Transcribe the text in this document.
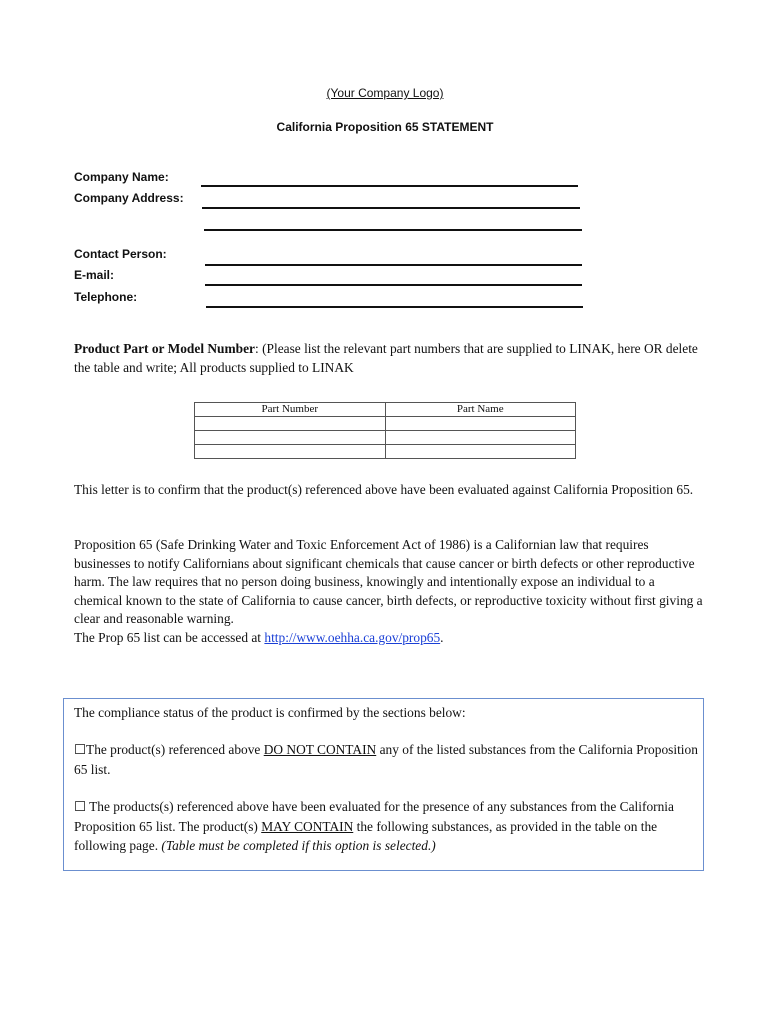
(Your Company Logo)
California Proposition 65 STATEMENT
Company Name:
Company Address:
Contact Person:
E-mail:
Telephone:
Product Part or Model Number: (Please list the relevant part numbers that are supplied to LINAK, here OR delete the table and write; All products supplied to LINAK
Part Number	Part Name

This letter is to confirm that the product(s) referenced above have been evaluated against California Proposition 65.
Proposition 65 (Safe Drinking Water and Toxic Enforcement Act of 1986) is a Californian law that requires businesses to notify Californians about significant chemicals that cause cancer or birth defects or other reproductive harm. The law requires that no person doing business, knowingly and intentionally expose an individual to a chemical known to the state of California to cause cancer, birth defects, or reproductive toxicity without first giving a clear and reasonable warning.
The Prop 65 list can be accessed at http://www.oehha.ca.gov/prop65.

The compliance status of the product is confirmed by the sections below:

☐The product(s) referenced above DO NOT CONTAIN any of the listed substances from the California Proposition 65 list.

☐ The products(s) referenced above have been evaluated for the presence of any substances from the California Proposition 65 list. The product(s) MAY CONTAIN the following substances, as provided in the table on the following page. (Table must be completed if this option is selected.)
